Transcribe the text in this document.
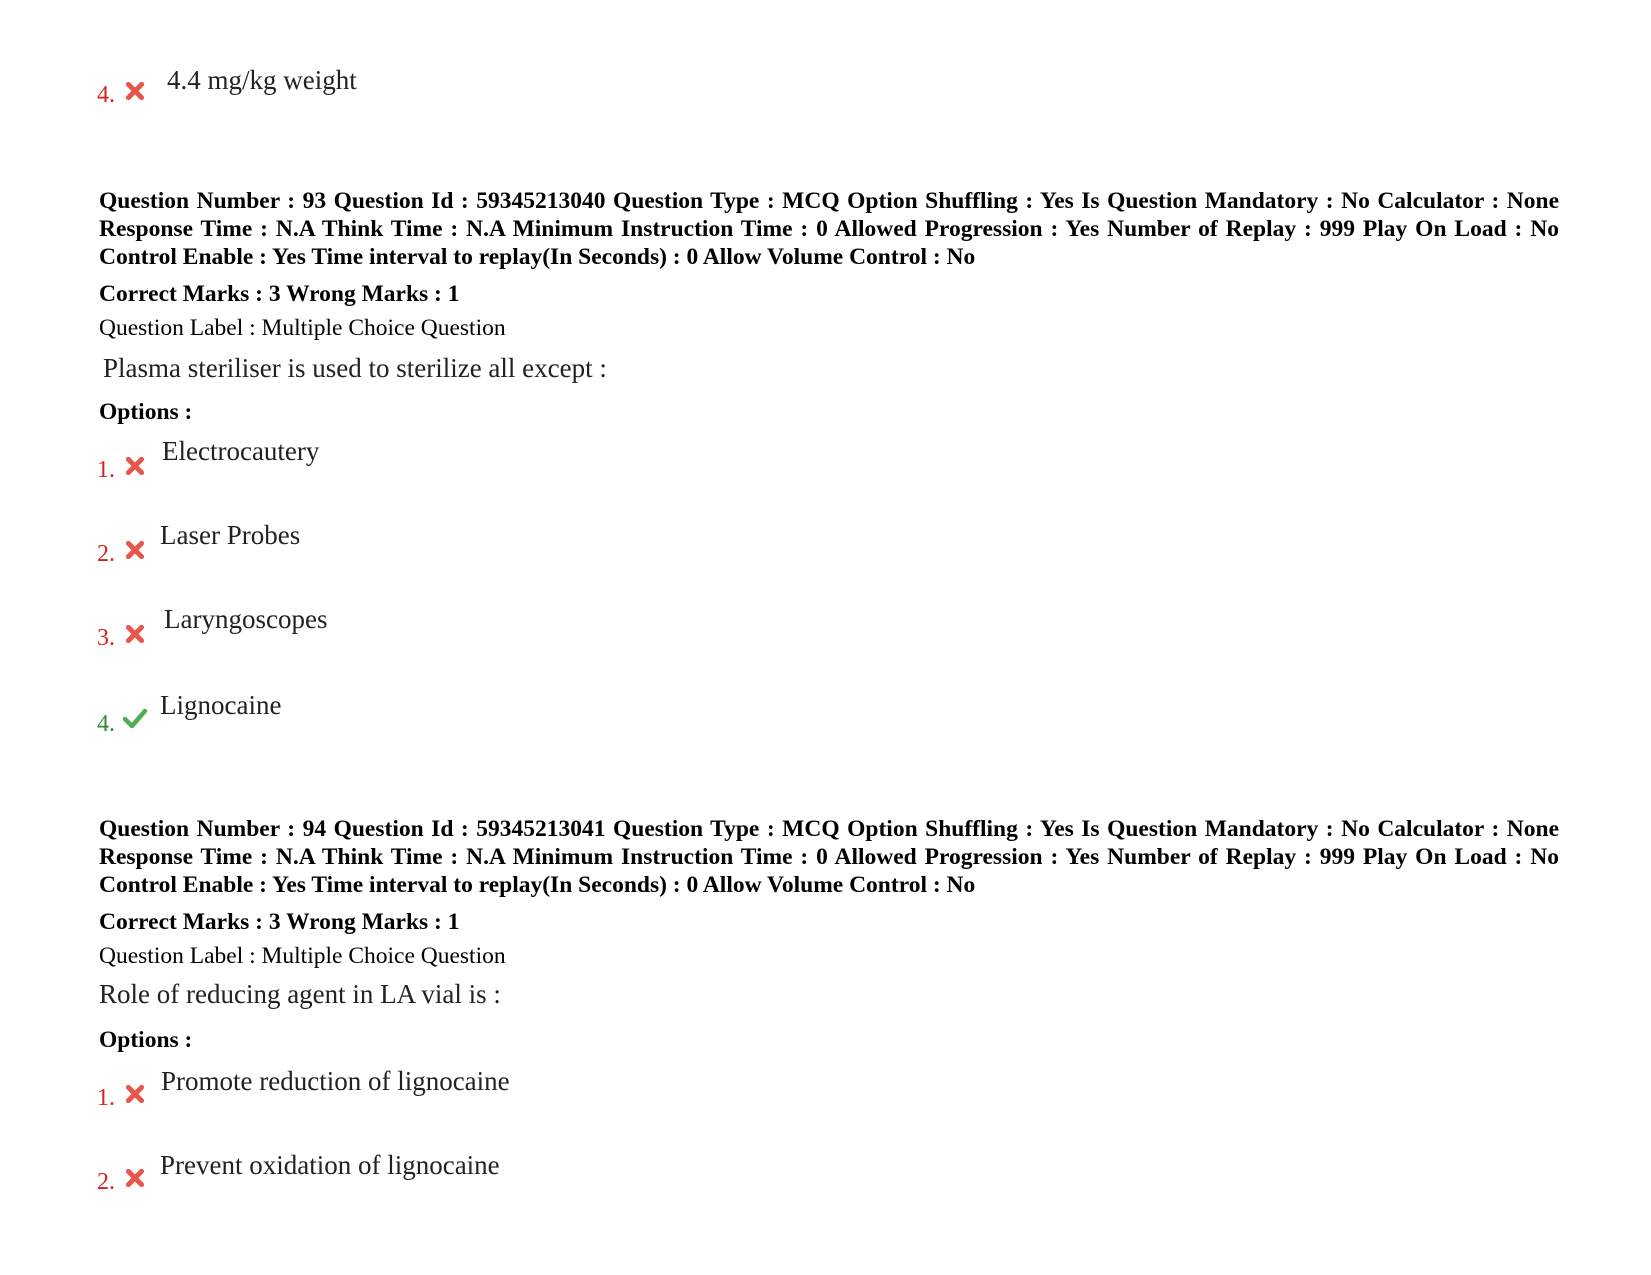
4. 4.4 mg/kg weight
Question Number : 93 Question Id : 59345213040 Question Type : MCQ Option Shuffling : Yes Is Question Mandatory : No Calculator : None Response Time : N.A Think Time : N.A Minimum Instruction Time : 0 Allowed Progression : Yes Number of Replay : 999 Play On Load : No Control Enable : Yes Time interval to replay(In Seconds) : 0 Allow Volume Control : No
Correct Marks : 3 Wrong Marks : 1
Question Label : Multiple Choice Question
Plasma steriliser is used to sterilize all except :
Options :
1.
Electrocautery
2.
Laser Probes
3.
Laryngoscopes
4.
Lignocaine
Question Number : 94 Question Id : 59345213041 Question Type : MCQ Option Shuffling : Yes Is Question Mandatory : No Calculator : None Response Time : N.A Think Time : N.A Minimum Instruction Time : 0 Allowed Progression : Yes Number of Replay : 999 Play On Load : No Control Enable : Yes Time interval to replay(In Seconds) : 0 Allow Volume Control : No
Correct Marks : 3 Wrong Marks : 1
Question Label : Multiple Choice Question
Role of reducing agent in LA vial is :
Options :
1.
Promote reduction of lignocaine
2.
Prevent oxidation of lignocaine
